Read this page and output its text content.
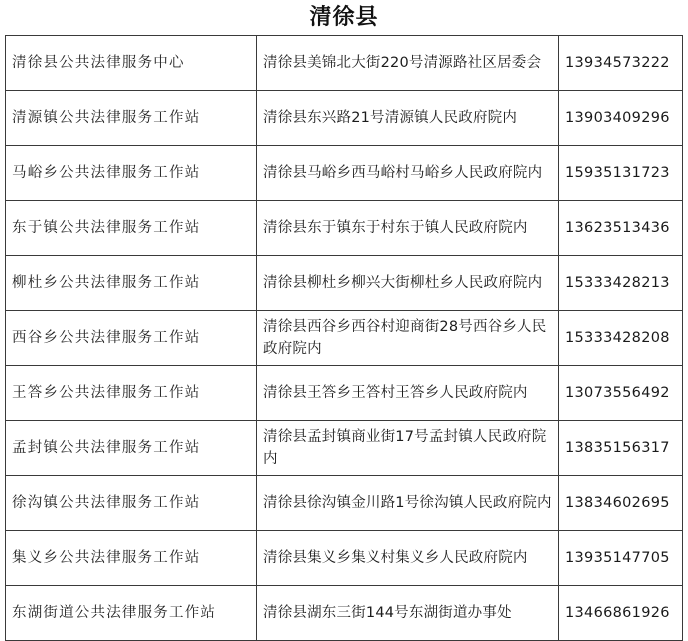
清徐县
清徐县公共法律服务中心	清徐县美锦北大街220号清源路社区居委会	13934573222
清源镇公共法律服务工作站	清徐县东兴路21号清源镇人民政府院内	13903409296
马峪乡公共法律服务工作站	清徐县马峪乡西马峪村马峪乡人民政府院内	15935131723
东于镇公共法律服务工作站	清徐县东于镇东于村东于镇人民政府院内	13623513436
柳杜乡公共法律服务工作站	清徐县柳杜乡柳兴大街柳杜乡人民政府院内	15333428213
西谷乡公共法律服务工作站	清徐县西谷乡西谷村迎商街28号西谷乡人民政府院内	15333428208
王答乡公共法律服务工作站	清徐县王答乡王答村王答乡人民政府院内	13073556492
孟封镇公共法律服务工作站	清徐县孟封镇商业街17号孟封镇人民政府院内	13835156317
徐沟镇公共法律服务工作站	清徐县徐沟镇金川路1号徐沟镇人民政府院内	13834602695
集义乡公共法律服务工作站	清徐县集义乡集义村集义乡人民政府院内	13935147705
东湖街道公共法律服务工作站	清徐县湖东三街144号东湖街道办事处	13466861926
